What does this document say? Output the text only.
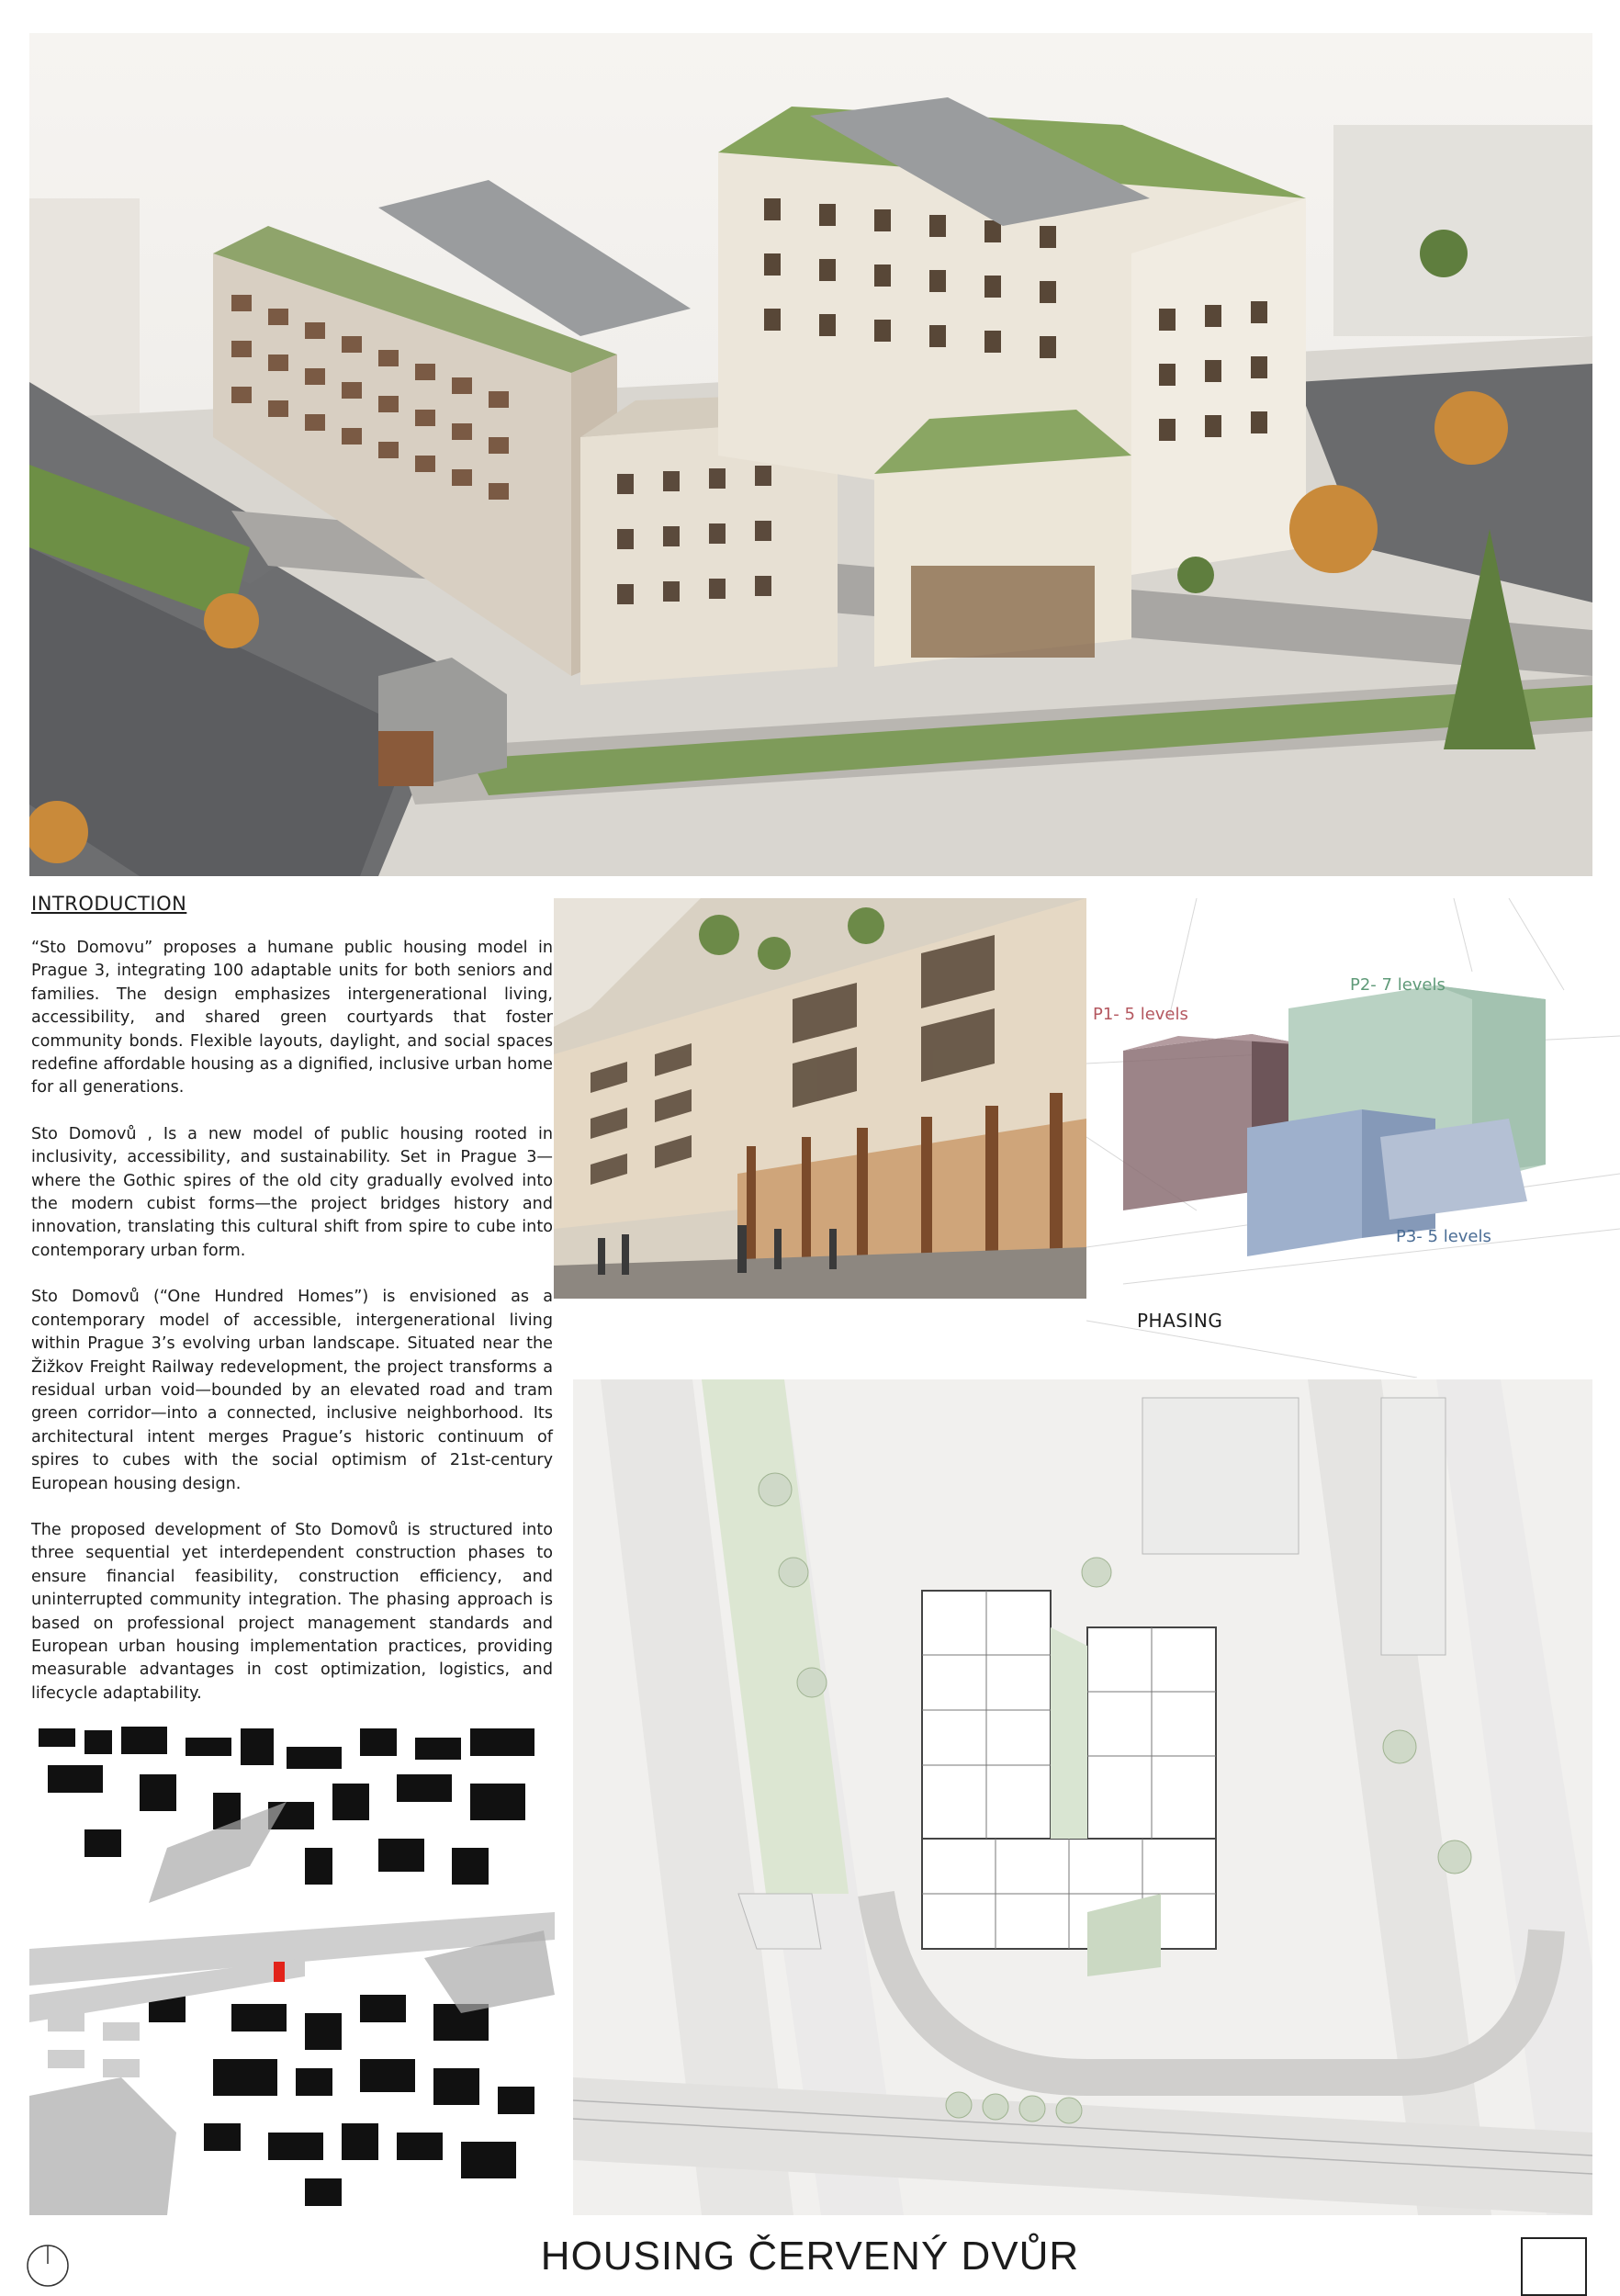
INTRODUCTION

“Sto Domovu” proposes a humane public housing model in Prague 3, integrating 100 adaptable units for both seniors and families. The design emphasizes intergenerational living, accessibility, and shared green courtyards that foster community bonds. Flexible layouts, daylight, and social spaces redefine affordable housing as a dignified, inclusive urban home for all generations.

Sto Domovů , Is a new model of public housing rooted in inclusivity, accessibility, and sustainability. Set in Prague 3—where the Gothic spires of the old city gradually evolved into the modern cubist forms—the project bridges history and innovation, translating this cultural shift from spire to cube into contemporary urban form.

Sto Domovů (“One Hundred Homes”) is envisioned as a contemporary model of accessible, intergenerational living within Prague 3’s evolving urban landscape. Situated near the Žižkov Freight Railway redevelopment, the project transforms a residual urban void—bounded by an elevated road and tram green corridor—into a connected, inclusive neighborhood. Its architectural intent merges Prague’s historic continuum of spires to cubes with the social optimism of 21st-century European housing design.

The proposed development of Sto Domovů is structured into three sequential yet interdependent construction phases to ensure financial feasibility, construction efficiency, and uninterrupted community integration. The phasing approach is based on professional project management standards and European urban housing implementation practices, providing measurable advantages in cost optimization, logistics, and lifecycle adaptability.

P1- 5 levels
P2- 7 levels
P3- 5 levels
PHASING
HOUSING ČERVENÝ DVŮR
